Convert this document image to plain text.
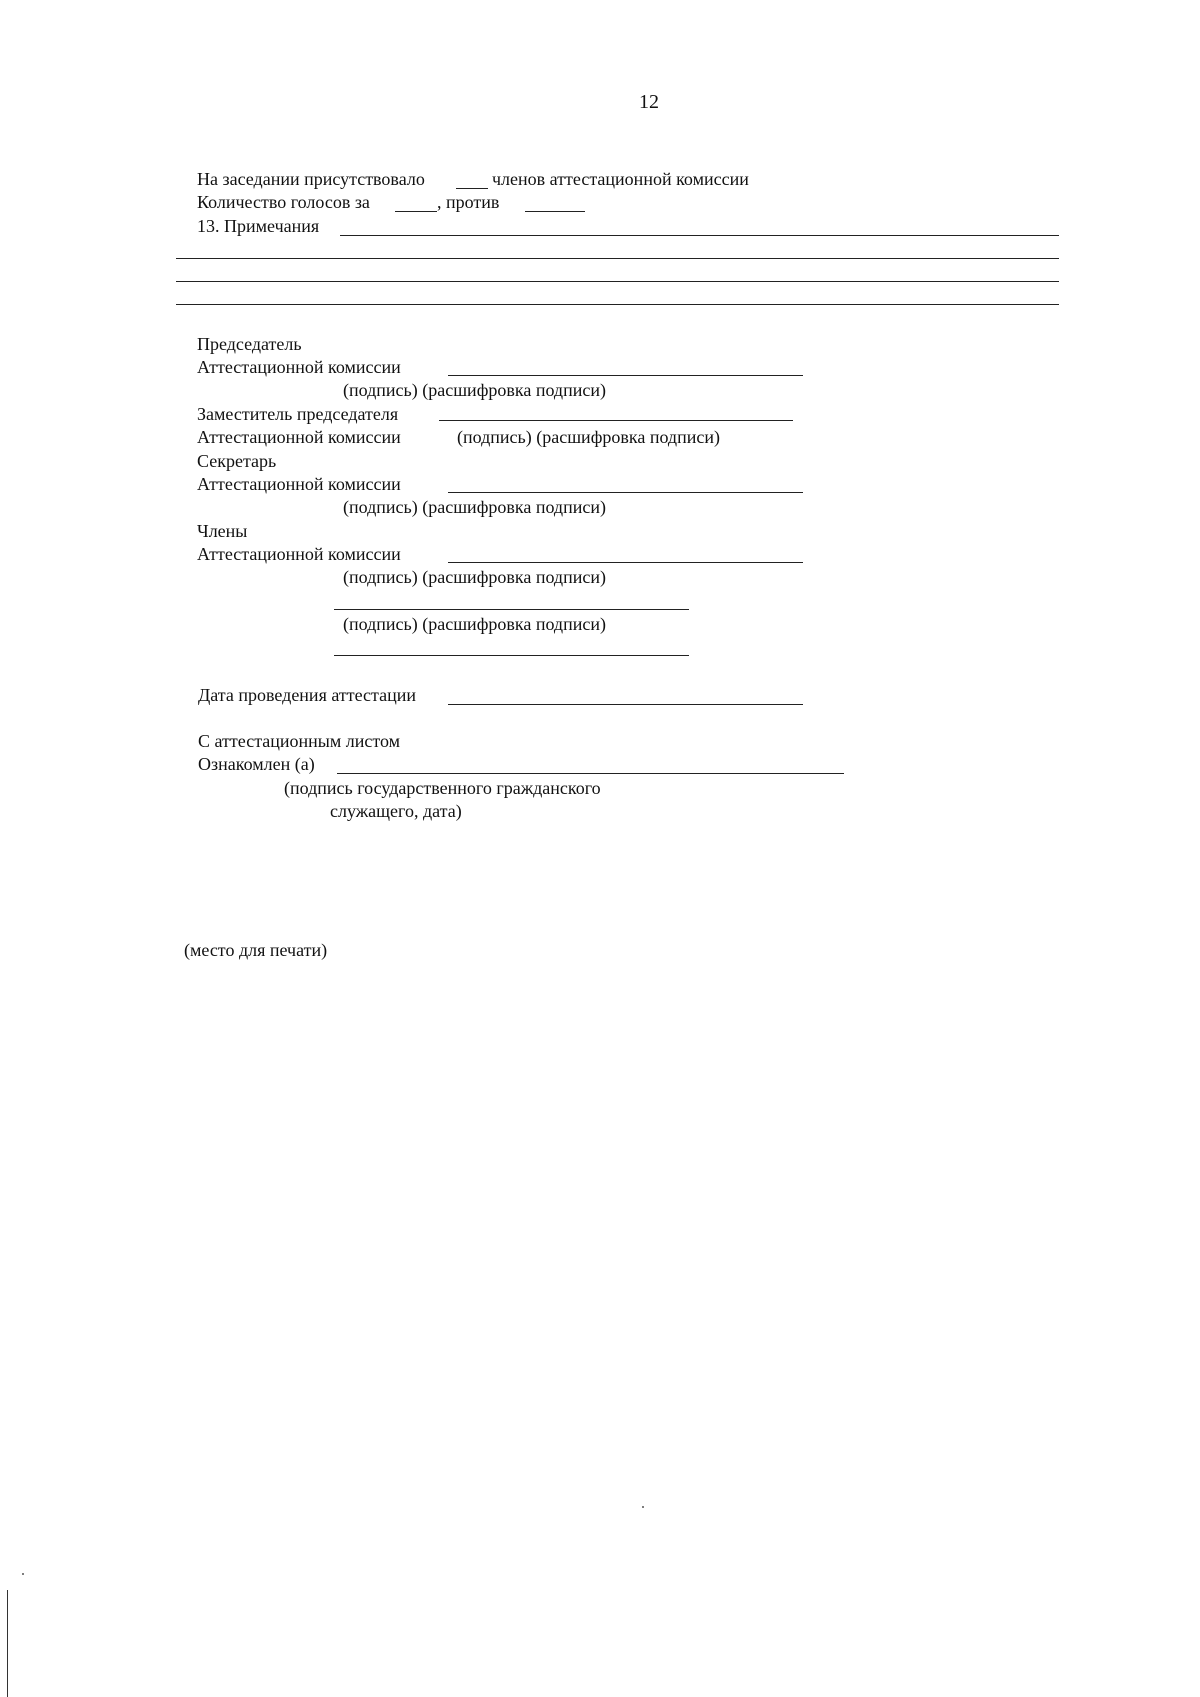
12
На заседании присутствовало	членов аттестационной комиссии
Количество голосов за	, против
13. Примечания
Председатель
Аттестационной комиссии
(подпись) (расшифровка подписи)
Заместитель председателя
Аттестационной комиссии	(подпись) (расшифровка подписи)
Секретарь
Аттестационной комиссии
(подпись) (расшифровка подписи)
Члены
Аттестационной комиссии
(подпись) (расшифровка подписи)
(подпись) (расшифровка подписи)
Дата проведения аттестации
С аттестационным листом
Ознакомлен (а)
(подпись государственного гражданского
служащего, дата)
(место для печати)
